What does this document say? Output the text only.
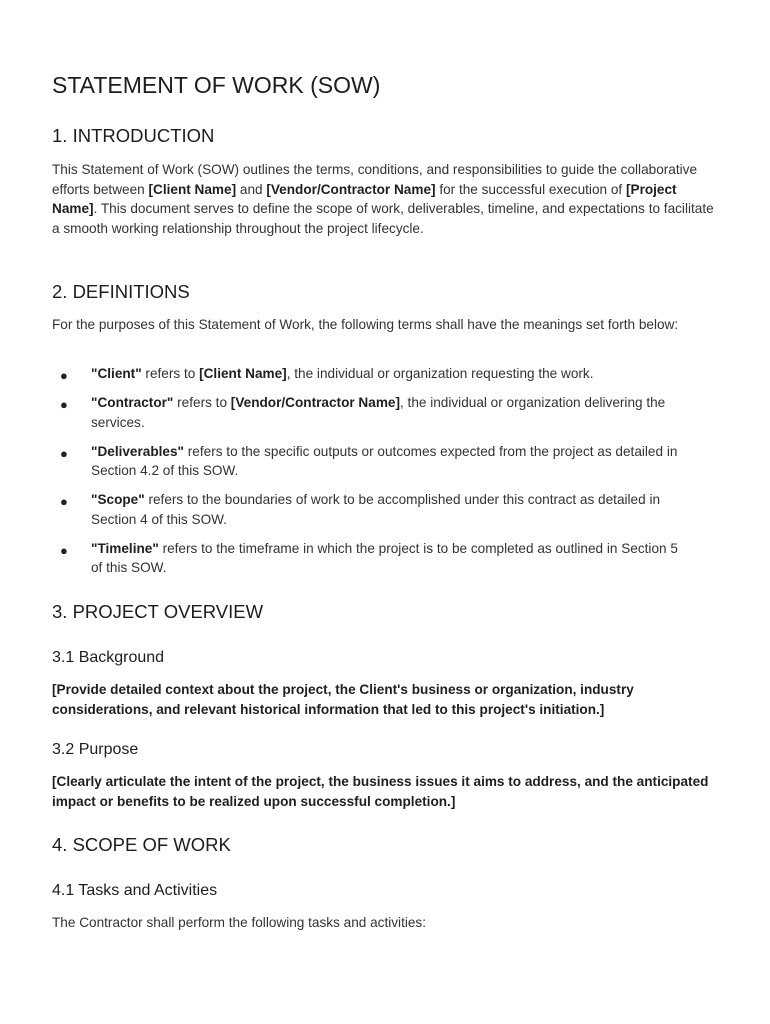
STATEMENT OF WORK (SOW)
1. INTRODUCTION

This Statement of Work (SOW) outlines the terms, conditions, and responsibilities to guide the collaborative efforts between [Client Name] and [Vendor/Contractor Name] for the successful execution of [Project Name]. This document serves to define the scope of work, deliverables, timeline, and expectations to facilitate a smooth working relationship throughout the project lifecycle.

2. DEFINITIONS

For the purposes of this Statement of Work, the following terms shall have the meanings set forth below:

● "Client" refers to [Client Name], the individual or organization requesting the work.
● "Contractor" refers to [Vendor/Contractor Name], the individual or organization delivering the services.
● "Deliverables" refers to the specific outputs or outcomes expected from the project as detailed in Section 4.2 of this SOW.
● "Scope" refers to the boundaries of work to be accomplished under this contract as detailed in Section 4 of this SOW.
● "Timeline" refers to the timeframe in which the project is to be completed as outlined in Section 5 of this SOW.
3. PROJECT OVERVIEW
3.1 Background

[Provide detailed context about the project, the Client's business or organization, industry considerations, and relevant historical information that led to this project's initiation.]

3.2 Purpose

[Clearly articulate the intent of the project, the business issues it aims to address, and the anticipated impact or benefits to be realized upon successful completion.]

4. SCOPE OF WORK
4.1 Tasks and Activities

The Contractor shall perform the following tasks and activities:
